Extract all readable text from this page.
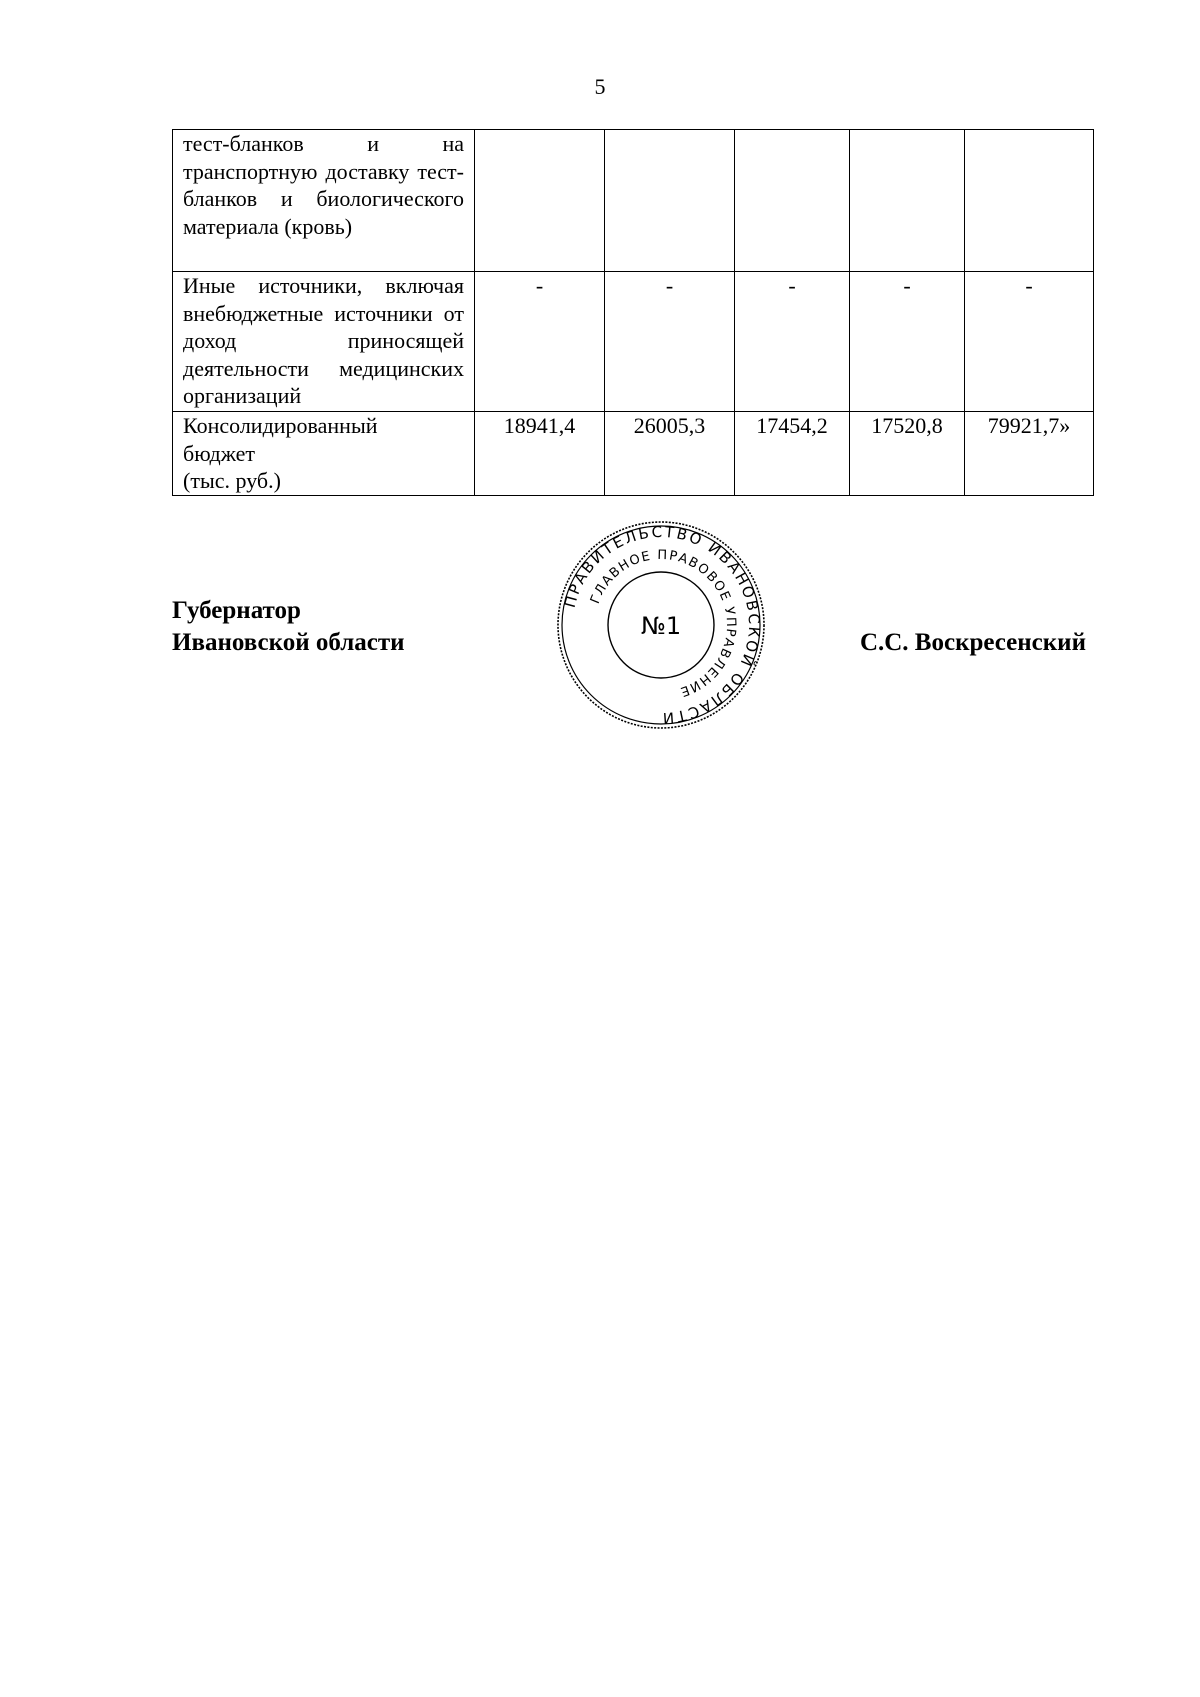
5
тест-бланков и на транспортную доставку тест-бланков и биологического материала (кровь)					
Иные источники, включая внебюджетные источники от доход приносящей деятельности медицинских организаций	-	-	-	-	-

Консолидированный
бюджет
(тыс. руб.)	18941,4	26005,3	17454,2	17520,8	79921,7»
Губернатор
Ивановской области	С.С. Воскресенский
ПРАВИТЕЛЬСТВО ИВАНОВСКОЙ ОБЛАСТИ
ГЛАВНОЕ ПРАВОВОЕ УПРАВЛЕНИЕ
№1
